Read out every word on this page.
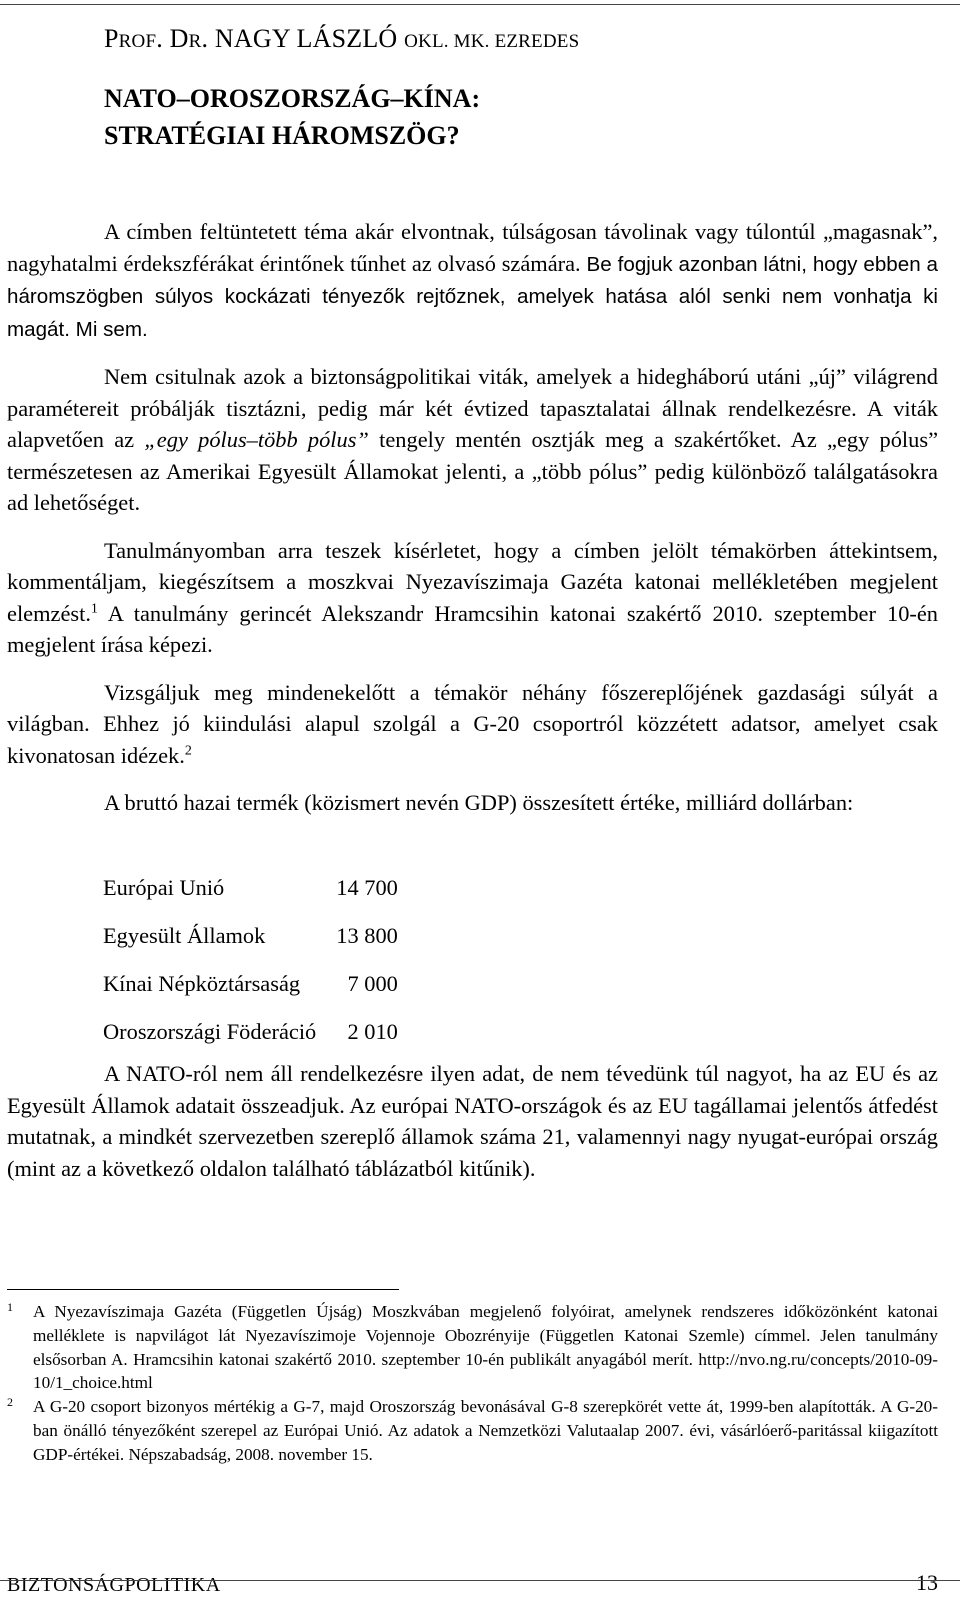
PROF. DR. NAGY LÁSZLÓ OKL. MK. EZREDES
NATO–OROSZORSZÁG–KÍNA:
STRATÉGIAI HÁROMSZÖG?

A címben feltüntetett téma akár elvontnak, túlságosan távolinak vagy túlontúl „magasnak”, nagyhatalmi érdekszférákat érintőnek tűnhet az olvasó számára. Be fogjuk azonban látni, hogy ebben a háromszögben súlyos kockázati tényezők rejtőznek, amelyek hatása alól senki nem vonhatja ki magát. Mi sem.

Nem csitulnak azok a biztonságpolitikai viták, amelyek a hidegháború utáni „új” világrend paramétereit próbálják tisztázni, pedig már két évtized tapasztalatai állnak rendelkezésre. A viták alapvetően az „egy pólus–több pólus” tengely mentén osztják meg a szakértőket. Az „egy pólus” természetesen az Amerikai Egyesült Államokat jelenti, a „több pólus” pedig különböző találgatásokra ad lehetőséget.

Tanulmányomban arra teszek kísérletet, hogy a címben jelölt témakörben áttekintsem, kommentáljam, kiegészítsem a moszkvai Nyezavíszimaja Gazéta katonai mellékletében megjelent elemzést.$^1$ A tanulmány gerincét Alekszandr Hramcsihin katonai szakértő 2010. szeptember 10-én megjelent írása képezi.

Vizsgáljuk meg mindenekelőtt a témakör néhány főszereplőjének gazdasági súlyát a világban. Ehhez jó kiindulási alapul szolgál a G-20 csoportról közzétett adatsor, amelyet csak kivonatosan idézek.$^2$

A bruttó hazai termék (közismert nevén GDP) összesített értéke, milliárd dollárban:

Európai Unió	14 700
Egyesült Államok	13 800
Kínai Népköztársaság	7 000
Oroszországi Föderáció	2 010

A NATO-ról nem áll rendelkezésre ilyen adat, de nem tévedünk túl nagyot, ha az EU és az Egyesült Államok adatait összeadjuk. Az európai NATO-országok és az EU tagállamai jelentős átfedést mutatnak, a mindkét szervezetben szereplő államok száma 21, valamennyi nagy nyugat-európai ország (mint az a következő oldalon található táblázatból kitűnik).

1 A Nyezavíszimaja Gazéta (Független Újság) Moszkvában megjelenő folyóirat, amelynek rendszeres időközönként katonai melléklete is napvilágot lát Nyezavíszimoje Vojennoje Obozrényije (Független Katonai Szemle) címmel. Jelen tanulmány elsősorban A. Hramcsihin katonai szakértő 2010. szeptember 10-én publikált anyagából merít. http://nvo.ng.ru/concepts/2010-09-10/1_choice.html
2 A G-20 csoport bizonyos mértékig a G-7, majd Oroszország bevonásával G-8 szerepkörét vette át, 1999-ben alapították. A G-20-ban önálló tényezőként szerepel az Európai Unió. Az adatok a Nemzetközi Valutaalap 2007. évi, vásárlóerő-paritással kiigazított GDP-értékei. Népszabadság, 2008. november 15.
BIZTONSÁGPOLITIKA	13
